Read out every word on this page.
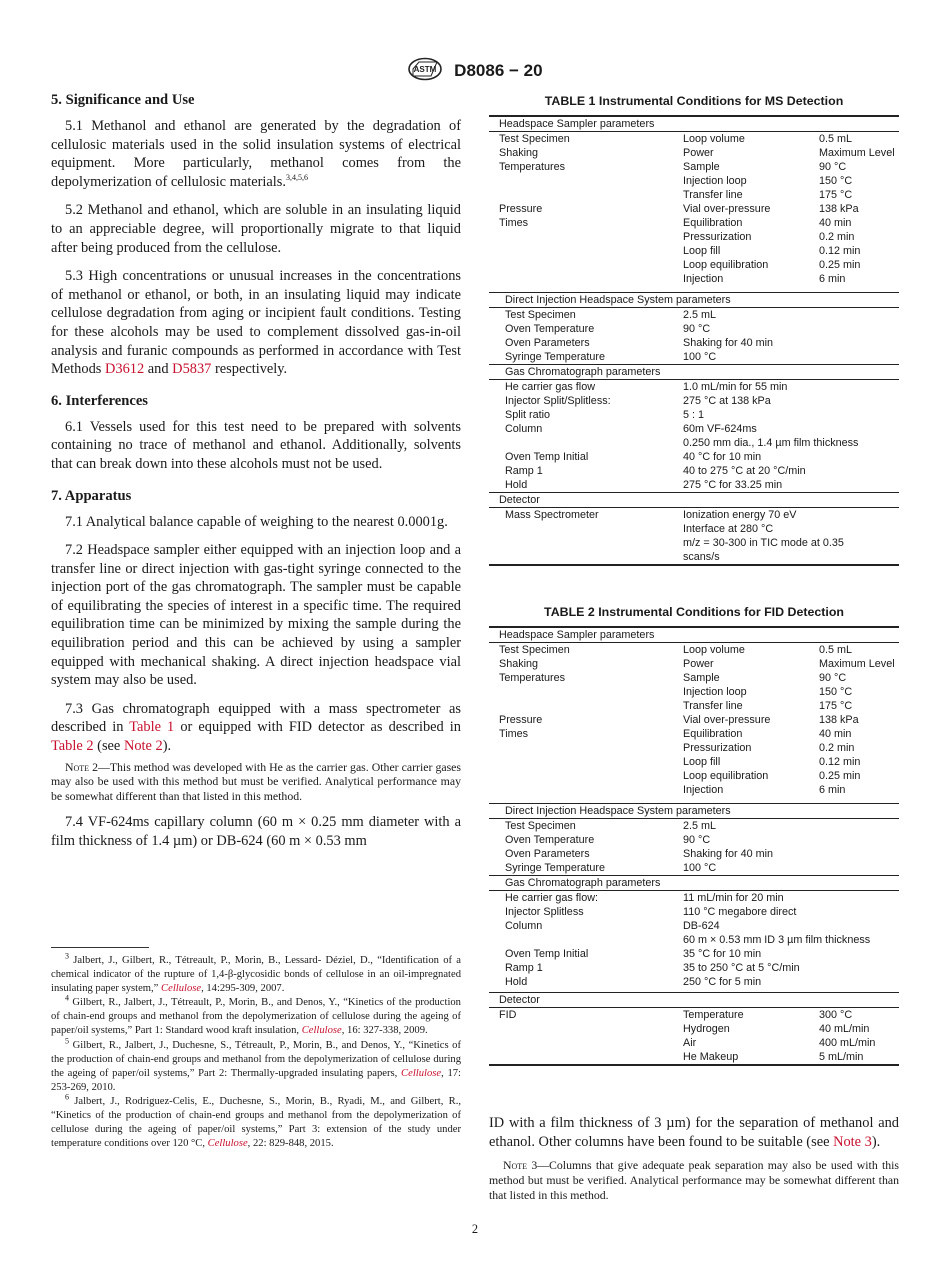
ASTM D8086 − 20
5. Significance and Use

5.1 Methanol and ethanol are generated by the degradation of cellulosic materials used in the solid insulation systems of electrical equipment. More particularly, methanol comes from the depolymerization of cellulosic materials.$^{3,4,5,6}$

5.2 Methanol and ethanol, which are soluble in an insulating liquid to an appreciable degree, will proportionally migrate to that liquid after being produced from the cellulose.

5.3 High concentrations or unusual increases in the concentrations of methanol or ethanol, or both, in an insulating liquid may indicate cellulose degradation from aging or incipient fault conditions. Testing for these alcohols may be used to complement dissolved gas-in-oil analysis and furanic compounds as performed in accordance with Test Methods D3612 and D5837 respectively.

6. Interferences

6.1 Vessels used for this test need to be prepared with solvents containing no trace of methanol and ethanol. Additionally, solvents that can break down into these alcohols must not be used.

7. Apparatus

7.1 Analytical balance capable of weighing to the nearest 0.0001g.

7.2 Headspace sampler either equipped with an injection loop and a transfer line or direct injection with gas-tight syringe connected to the injection port of the gas chromatograph. The sampler must be capable of equilibrating the species of interest in a specific time. The required equilibration time can be minimized by mixing the sample during the equilibration period and this can be achieved by using a sampler equipped with mechanical shaking. A direct injection headspace vial system may also be used.

7.3 Gas chromatograph equipped with a mass spectrometer as described in Table 1 or equipped with FID detector as described in Table 2 (see Note 2).

Note 2—This method was developed with He as the carrier gas. Other carrier gases may also be used with this method but must be verified. Analytical performance may be somewhat different than that listed in this method.

7.4 VF-624ms capillary column (60 m × 0.25 mm diameter with a film thickness of 1.4 µm) or DB-624 (60 m × 0.53 mm

$^3$ Jalbert, J., Gilbert, R., Tétreault, P., Morin, B., Lessard- Déziel, D., “Identification of a chemical indicator of the rupture of 1,4-β-glycosidic bonds of cellulose in an oil-impregnated insulating paper system,” Cellulose, 14:295-309, 2007.

$^4$ Gilbert, R., Jalbert, J., Tétreault, P., Morin, B., and Denos, Y., “Kinetics of the production of chain-end groups and methanol from the depolymerization of cellulose during the ageing of paper/oil systems,” Part 1: Standard wood kraft insulation, Cellulose, 16: 327-338, 2009.

$^5$ Gilbert, R., Jalbert, J., Duchesne, S., Tétreault, P., Morin, B., and Denos, Y., “Kinetics of the production of chain-end groups and methanol from the depolymerization of cellulose during the ageing of paper/oil systems,” Part 2: Thermally-upgraded insulating papers, Cellulose, 17: 253-269, 2010.

$^6$ Jalbert, J., Rodriguez-Celis, E., Duchesne, S., Morin, B., Ryadi, M., and Gilbert, R., “Kinetics of the production of chain-end groups and methanol from the depolymerization of cellulose during the ageing of paper/oil systems,” Part 3: extension of the study under temperature conditions over 120 °C, Cellulose, 22: 829-848, 2015.

TABLE 1 Instrumental Conditions for MS Detection
Headspace Sampler parameters		
Test Specimen	Loop volume	0.5 mL
Shaking	Power	Maximum Level
Temperatures	Sample	90 °C
	Injection loop	150 °C
	Transfer line	175 °C
Pressure	Vial over-pressure	138 kPa
Times	Equilibration	40 min
	Pressurization	0.2 min
	Loop fill	0.12 min
	Loop equilibration	0.25 min
	Injection	6 min

Direct Injection Headspace System parameters		
Test Specimen	2.5 mL	
Oven Temperature	90 °C	
Oven Parameters	Shaking for 40 min	
Syringe Temperature	100 °C	
Gas Chromatograph parameters		
He carrier gas flow	1.0 mL/min for 55 min	
Injector Split/Splitless:	275 °C at 138 kPa	
Split ratio	5 : 1	
Column	60m VF-624ms	
	0.250 mm dia., 1.4 µm film thickness	
Oven Temp Initial	40 °C for 10 min	
Ramp 1	40 to 275 °C at 20 °C/min	
Hold	275 °C for 33.25 min	
Detector		
Mass Spectrometer	Ionization energy 70 eV	
	Interface at 280 °C	
	m/z = 30-300 in TIC mode at 0.35	
	scans/s	
TABLE 2 Instrumental Conditions for FID Detection
Headspace Sampler parameters		
Test Specimen	Loop volume	0.5 mL
Shaking	Power	Maximum Level
Temperatures	Sample	90 °C
	Injection loop	150 °C
	Transfer line	175 °C
Pressure	Vial over-pressure	138 kPa
Times	Equilibration	40 min
	Pressurization	0.2 min
	Loop fill	0.12 min
	Loop equilibration	0.25 min
	Injection	6 min

Direct Injection Headspace System parameters		
Test Specimen	2.5 mL	
Oven Temperature	90 °C	
Oven Parameters	Shaking for 40 min	
Syringe Temperature	100 °C	
Gas Chromatograph parameters		
He carrier gas flow:	11 mL/min for 20 min	
Injector Splitless	110 °C megabore direct	
Column	DB-624	
	60 m × 0.53 mm ID 3 µm film thickness	
Oven Temp Initial	35 °C for 10 min	
Ramp 1	35 to 250 °C at 5 °C/min	
Hold	250 °C for 5 min	

Detector		
FID	Temperature	300 °C
	Hydrogen	40 mL/min
	Air	400 mL/min
	He Makeup	5 mL/min

ID with a film thickness of 3 µm) for the separation of methanol and ethanol. Other columns have been found to be suitable (see Note 3).

Note 3—Columns that give adequate peak separation may also be used with this method but must be verified. Analytical performance may be somewhat different than that listed in this method.

2
